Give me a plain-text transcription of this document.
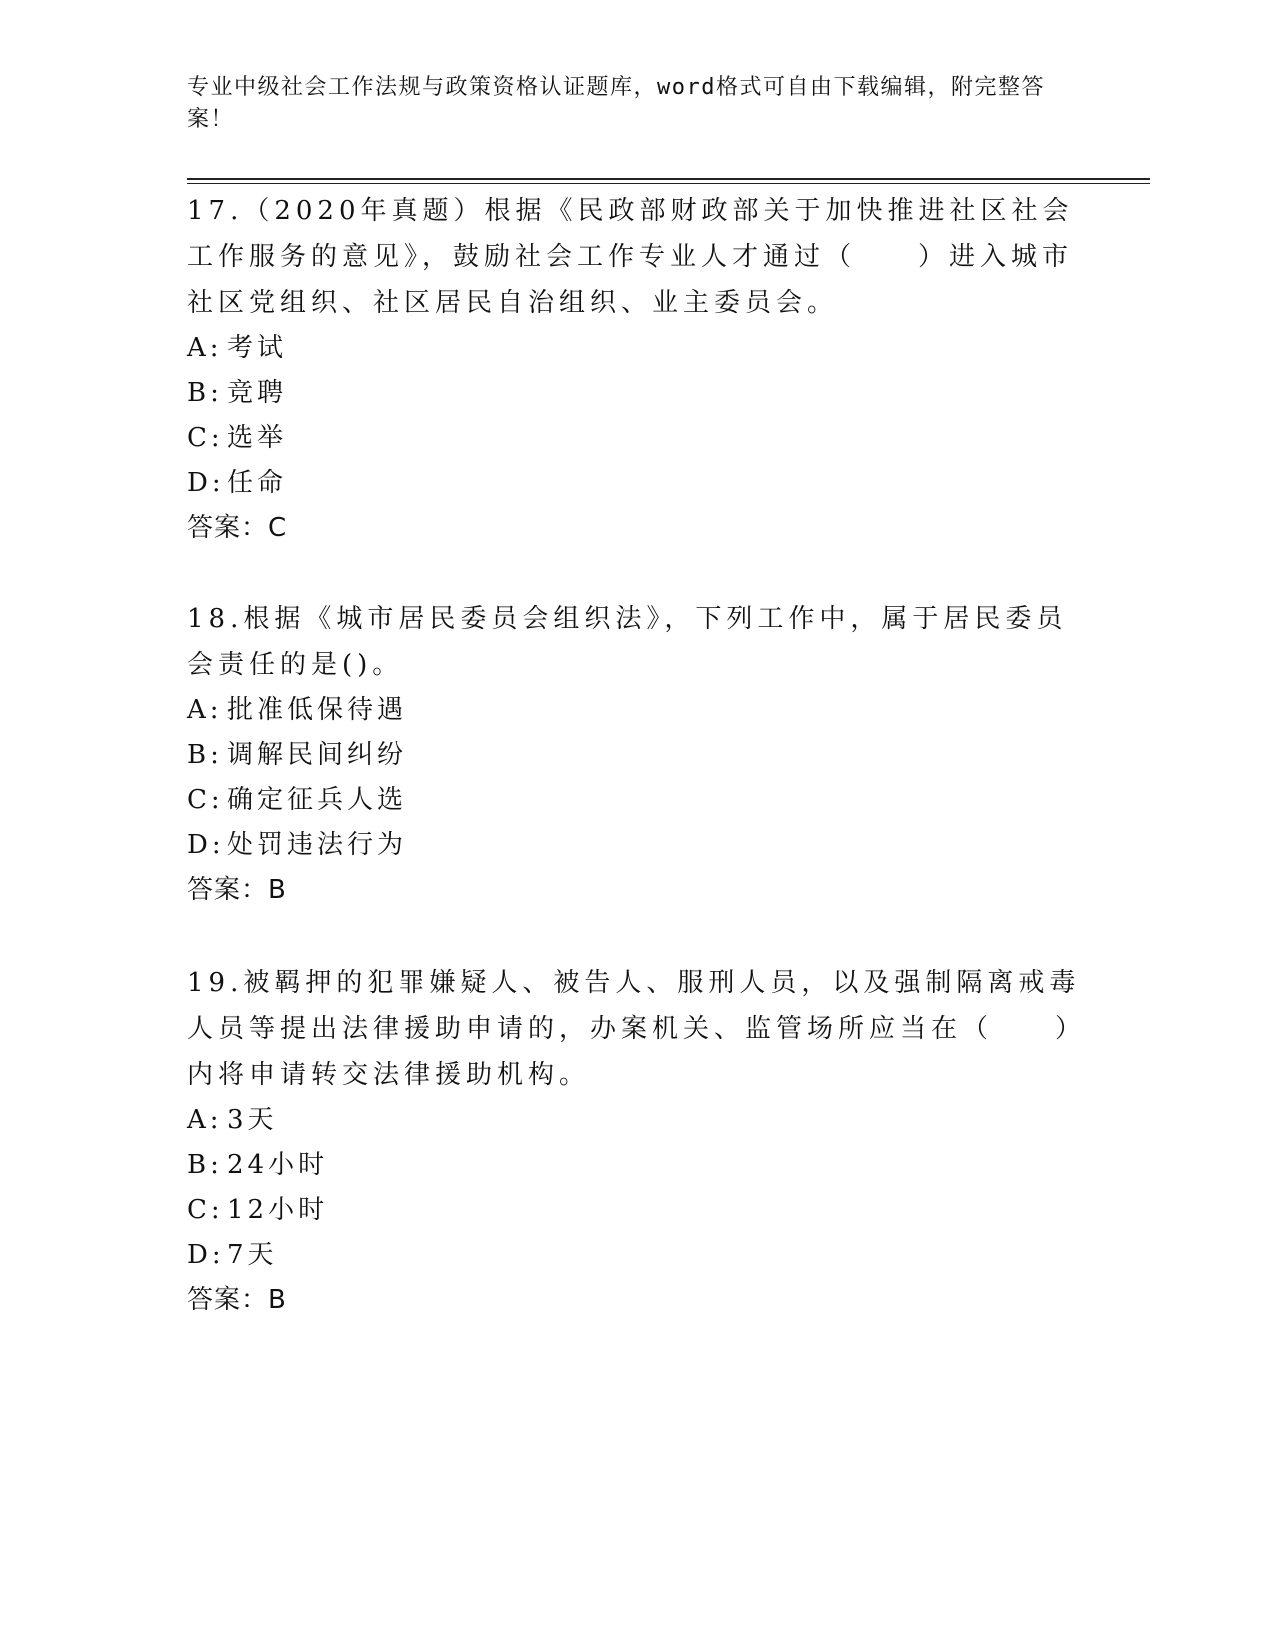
专业中级社会工作法规与政策资格认证题库，word格式可自由下载编辑，附完整答案！

17.（2020年真题）根据《民政部财政部关于加快推进社区社会工作服务的意见》，鼓励社会工作专业人才通过（　　）进入城市社区党组织、社区居民自治组织、业主委员会。

A: 考试
B: 竞聘
C: 选举
D: 任命
答案：C

18.根据《城市居民委员会组织法》，下列工作中，属于居民委员会责任的是()。

A: 批准低保待遇
B: 调解民间纠纷
C: 确定征兵人选
D: 处罚违法行为
答案：B

19.被羁押的犯罪嫌疑人、被告人、服刑人员，以及强制隔离戒毒人员等提出法律援助申请的，办案机关、监管场所应当在（　　）内将申请转交法律援助机构。

A: 3天
B: 24小时
C: 12小时
D: 7天
答案：B
